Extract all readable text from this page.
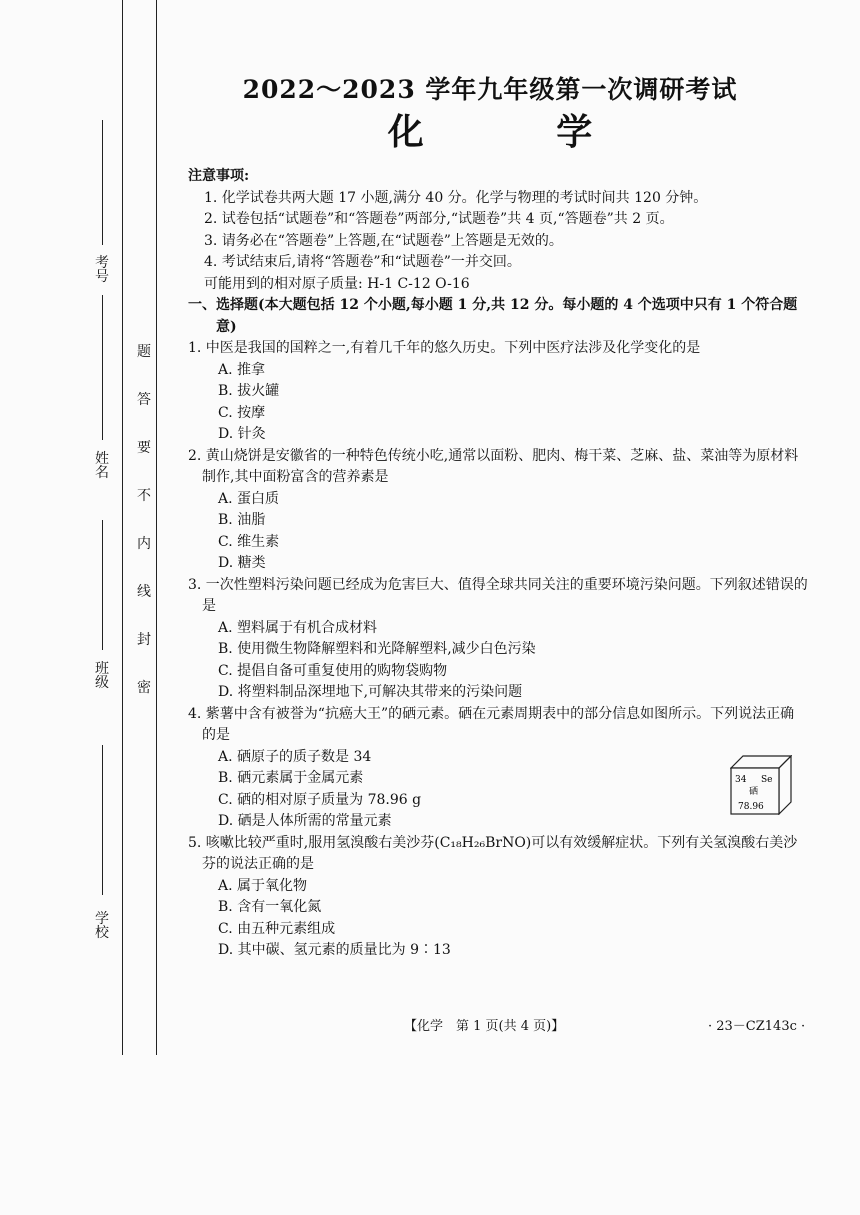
考号
姓名
班级
学校
题
答
要
不
内
线
封
密
2022～2023 学年九年级第一次调研考试
化 学

注意事项:

1. 化学试卷共两大题 17 小题,满分 40 分。化学与物理的考试时间共 120 分钟。

2. 试卷包括“试题卷”和“答题卷”两部分,“试题卷”共 4 页,“答题卷”共 2 页。

3. 请务必在“答题卷”上答题,在“试题卷”上答题是无效的。

4. 考试结束后,请将“答题卷”和“试题卷”一并交回。

可能用到的相对原子质量: H-1 C-12 O-16

一、选择题(本大题包括 12 个小题,每小题 1 分,共 12 分。每小题的 4 个选项中只有 1 个符合题意)

1. 中医是我国的国粹之一,有着几千年的悠久历史。下列中医疗法涉及化学变化的是

A. 推拿

B. 拔火罐

C. 按摩

D. 针灸

2. 黄山烧饼是安徽省的一种特色传统小吃,通常以面粉、肥肉、梅干菜、芝麻、盐、菜油等为原材料制作,其中面粉富含的营养素是

A. 蛋白质

B. 油脂

C. 维生素

D. 糖类

3. 一次性塑料污染问题已经成为危害巨大、值得全球共同关注的重要环境污染问题。下列叙述错误的是

A. 塑料属于有机合成材料

B. 使用微生物降解塑料和光降解塑料,减少白色污染

C. 提倡自备可重复使用的购物袋购物

D. 将塑料制品深埋地下,可解决其带来的污染问题

4. 紫薯中含有被誉为“抗癌大王”的硒元素。硒在元素周期表中的部分信息如图所示。下列说法正确的是

A. 硒原子的质子数是 34

B. 硒元素属于金属元素

C. 硒的相对原子质量为 78.96 g

D. 硒是人体所需的常量元素

5. 咳嗽比较严重时,服用氢溴酸右美沙芬(C₁₈H₂₆BrNO)可以有效缓解症状。下列有关氢溴酸右美沙芬的说法正确的是

A. 属于氧化物

B. 含有一氧化氮

C. 由五种元素组成

D. 其中碳、氢元素的质量比为 9∶13

34 Se
硒
78.96
【化学　第 1 页(共 4 页)】	· 23－CZ143c ·
